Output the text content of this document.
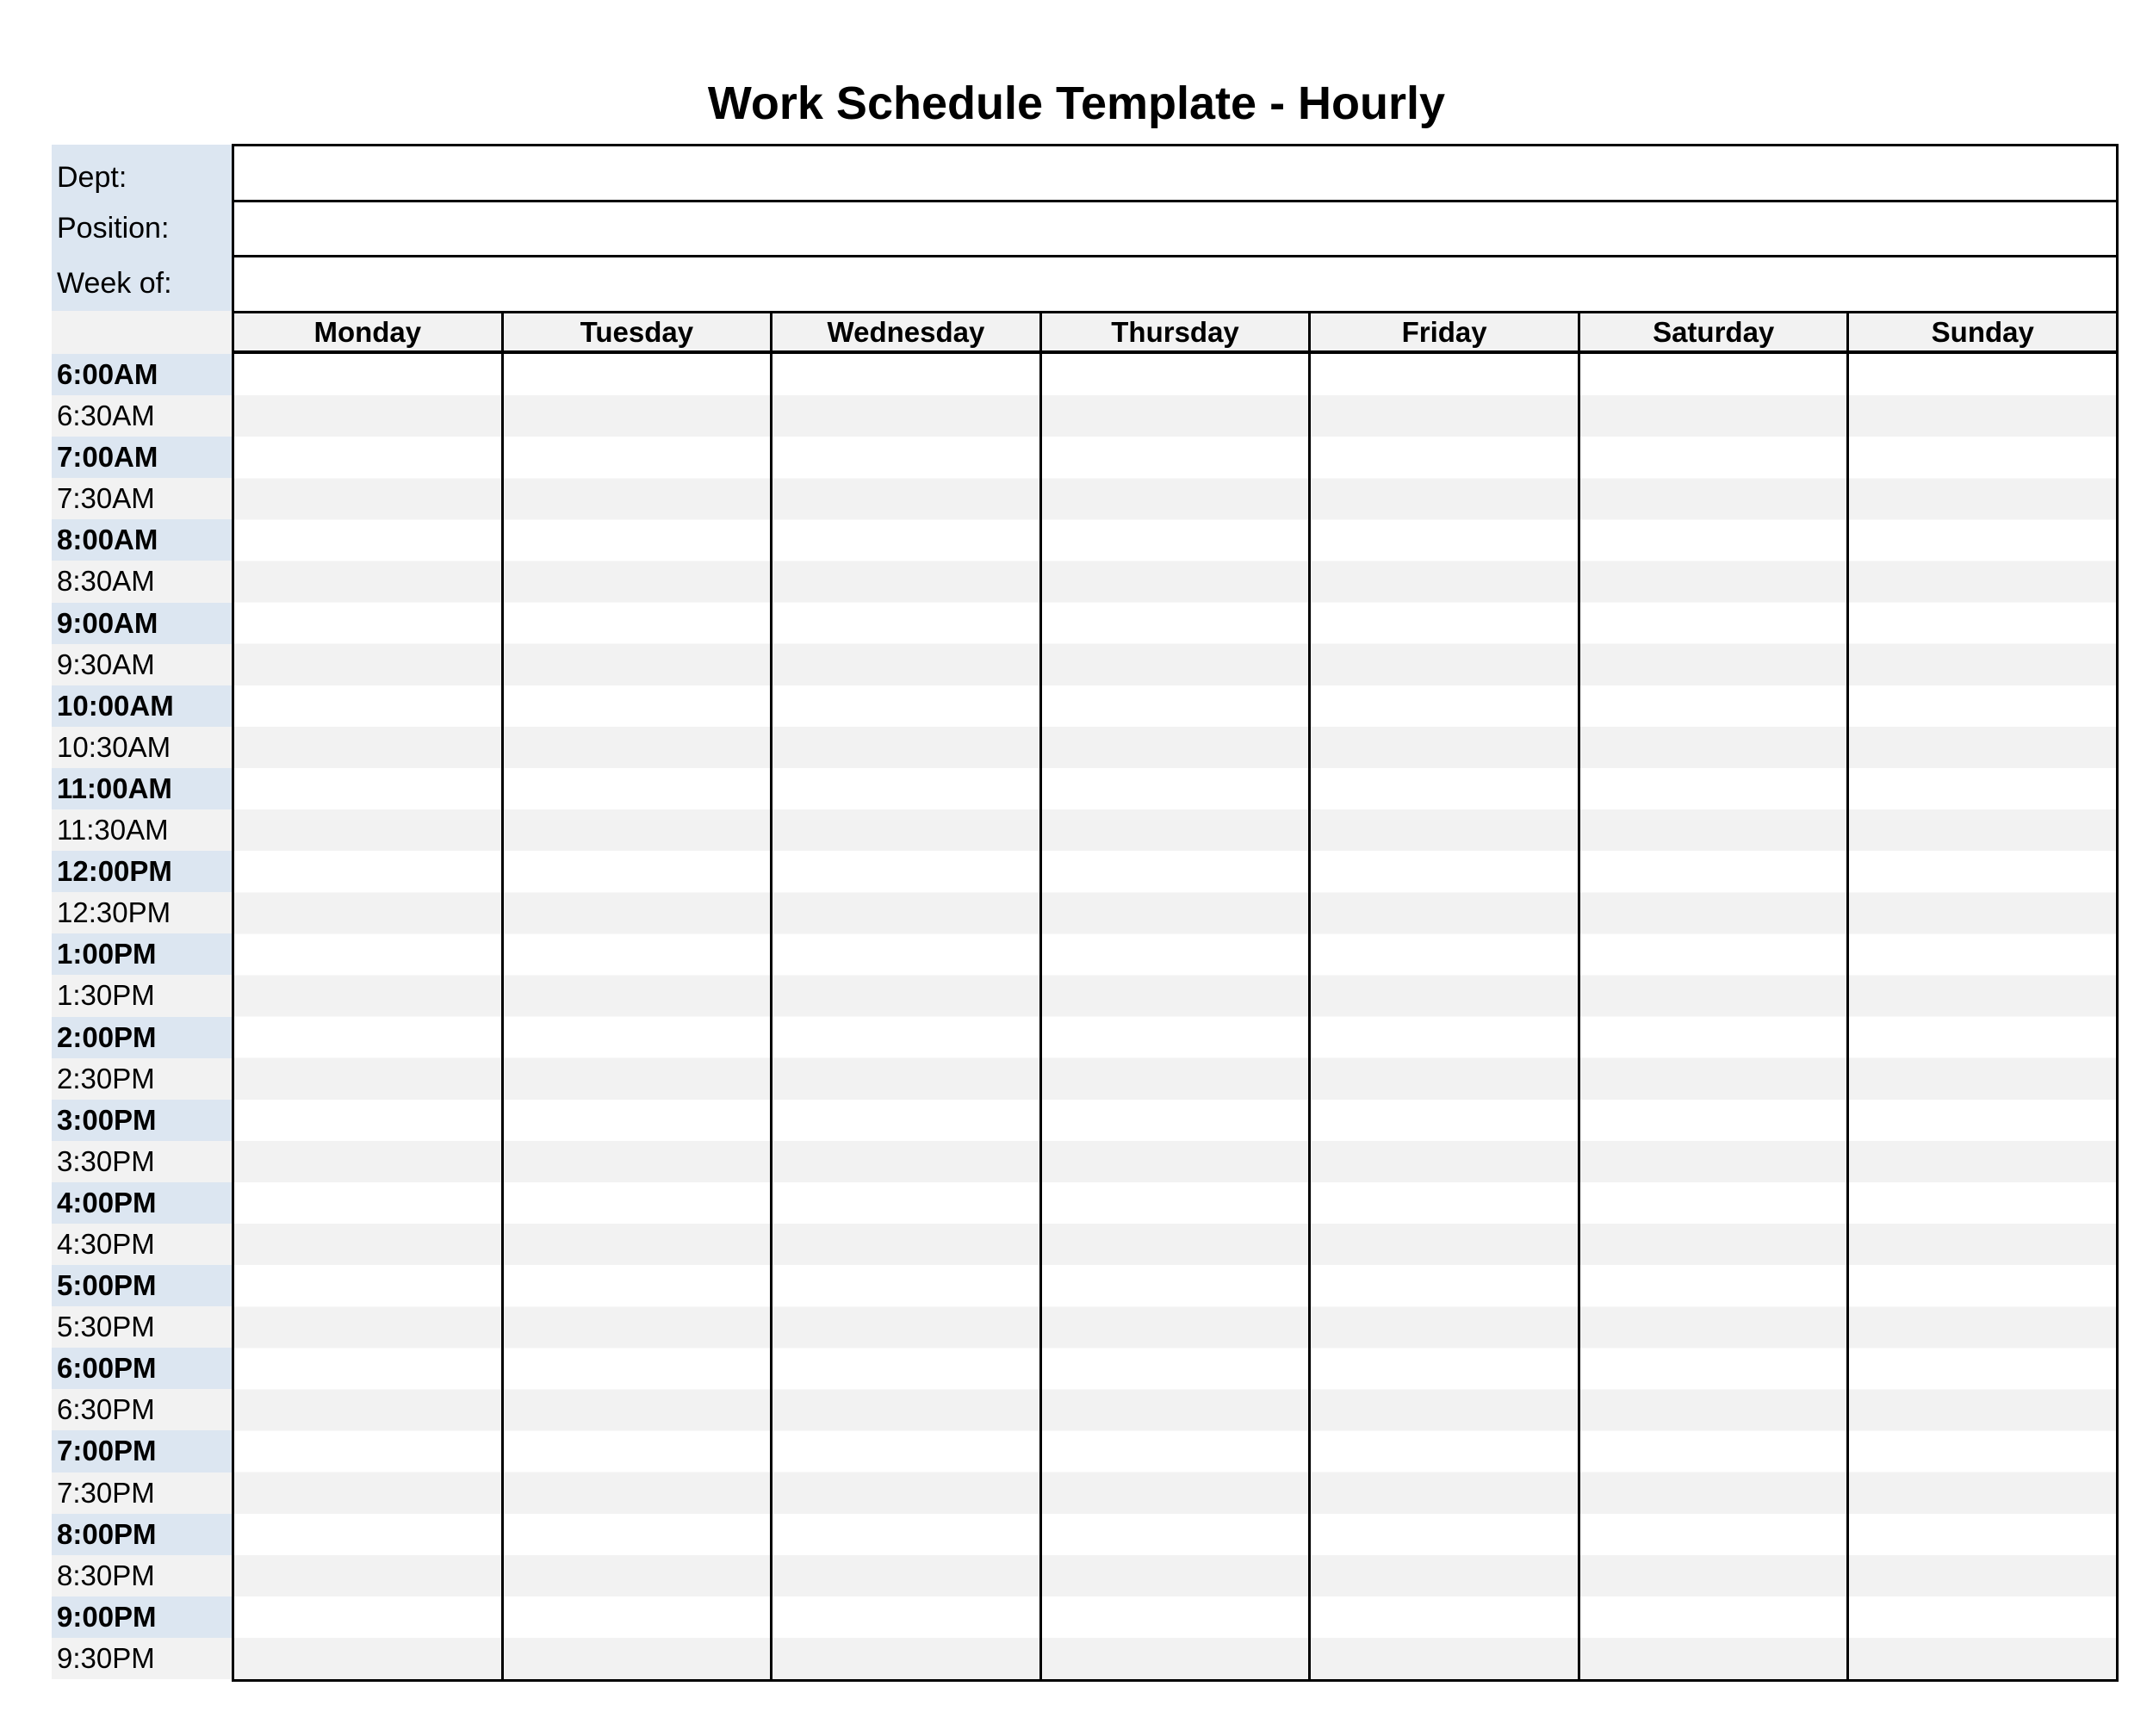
Work Schedule Template - Hourly
Dept:
Position:
Week of:
Monday	Tuesday	Wednesday	Thursday	Friday	Saturday	Sunday
6:00AM
6:30AM
7:00AM
7:30AM
8:00AM
8:30AM
9:00AM
9:30AM
10:00AM
10:30AM
11:00AM
11:30AM
12:00PM
12:30PM
1:00PM
1:30PM
2:00PM
2:30PM
3:00PM
3:30PM
4:00PM
4:30PM
5:00PM
5:30PM
6:00PM
6:30PM
7:00PM
7:30PM
8:00PM
8:30PM
9:00PM
9:30PM
